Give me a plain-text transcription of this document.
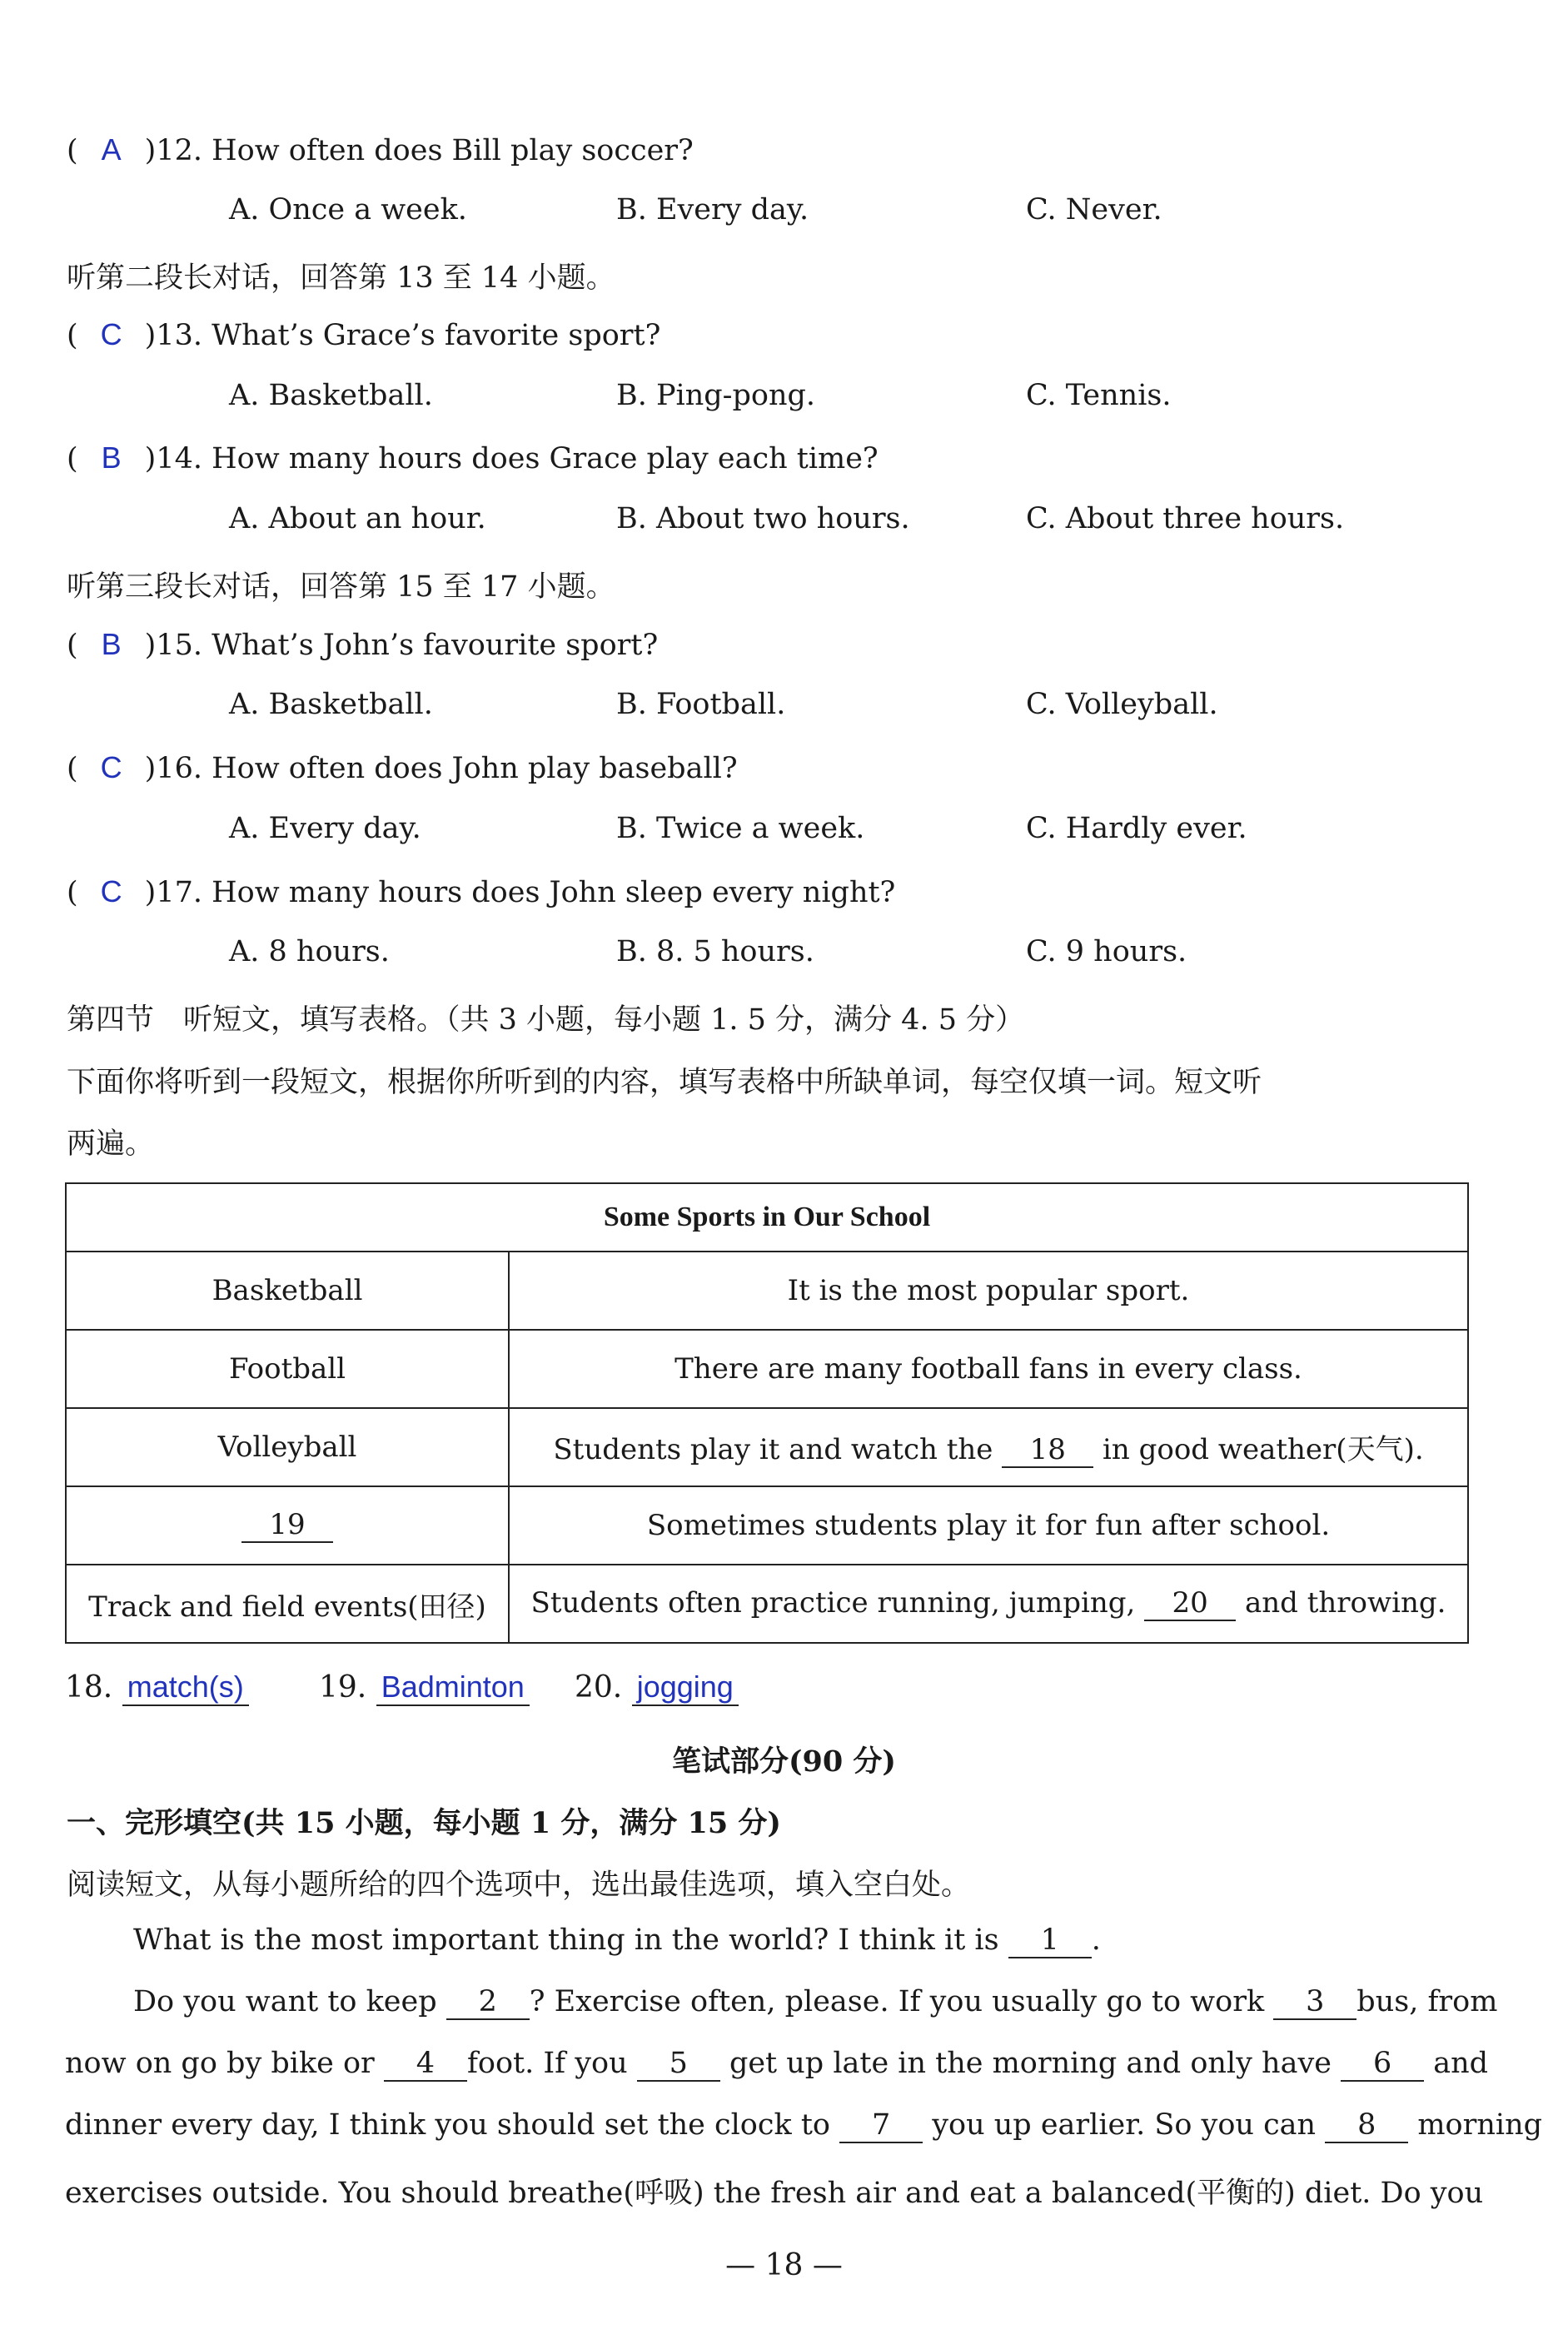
( A )12. How often does Bill play soccer?
A. Once a week.	B. Every day.	C. Never.
听第二段长对话，回答第 13 至 14 小题。
( C )13. What’s Grace’s favorite sport?
A. Basketball.	B. Ping-pong.	C. Tennis.
( B )14. How many hours does Grace play each time?
A. About an hour.	B. About two hours.	C. About three hours.
听第三段长对话，回答第 15 至 17 小题。
( B )15. What’s John’s favourite sport?
A. Basketball.	B. Football.	C. Volleyball.
( C )16. How often does John play baseball?
A. Every day.	B. Twice a week.	C. Hardly ever.
( C )17. How many hours does John sleep every night?
A. 8 hours.	B. 8. 5 hours.	C. 9 hours.
第四节　听短文，填写表格。（共 3 小题，每小题 1. 5 分，满分 4. 5 分）
下面你将听到一段短文，根据你所听到的内容，填写表格中所缺单词，每空仅填一词。短文听
两遍。
Some Sports in Our School	
Basketball	It is the most popular sport.
Football	There are many football fans in every class.
Volleyball	Students play it and watch the 18 in good weather(天气).
19	Sometimes students play it for fun after school.
Track and field events(田径)	Students often practice running, jumping, 20 and throwing.
18. match(s)	19. Badminton 20. jogging
笔试部分(90 分)
一、完形填空(共 15 小题，每小题 1 分，满分 15 分)
阅读短文，从每小题所给的四个选项中，选出最佳选项，填入空白处。
What is the most important thing in the world? I think it is 1 .
Do you want to keep 2 ? Exercise often, please. If you usually go to work 3 bus, from
now on go by bike or 4 foot. If you 5 get up late in the morning and only have 6 and
dinner every day, I think you should set the clock to 7 you up earlier. So you can 8 morning
exercises outside. You should breathe(呼吸) the fresh air and eat a balanced(平衡的) diet. Do you
— 18 —
